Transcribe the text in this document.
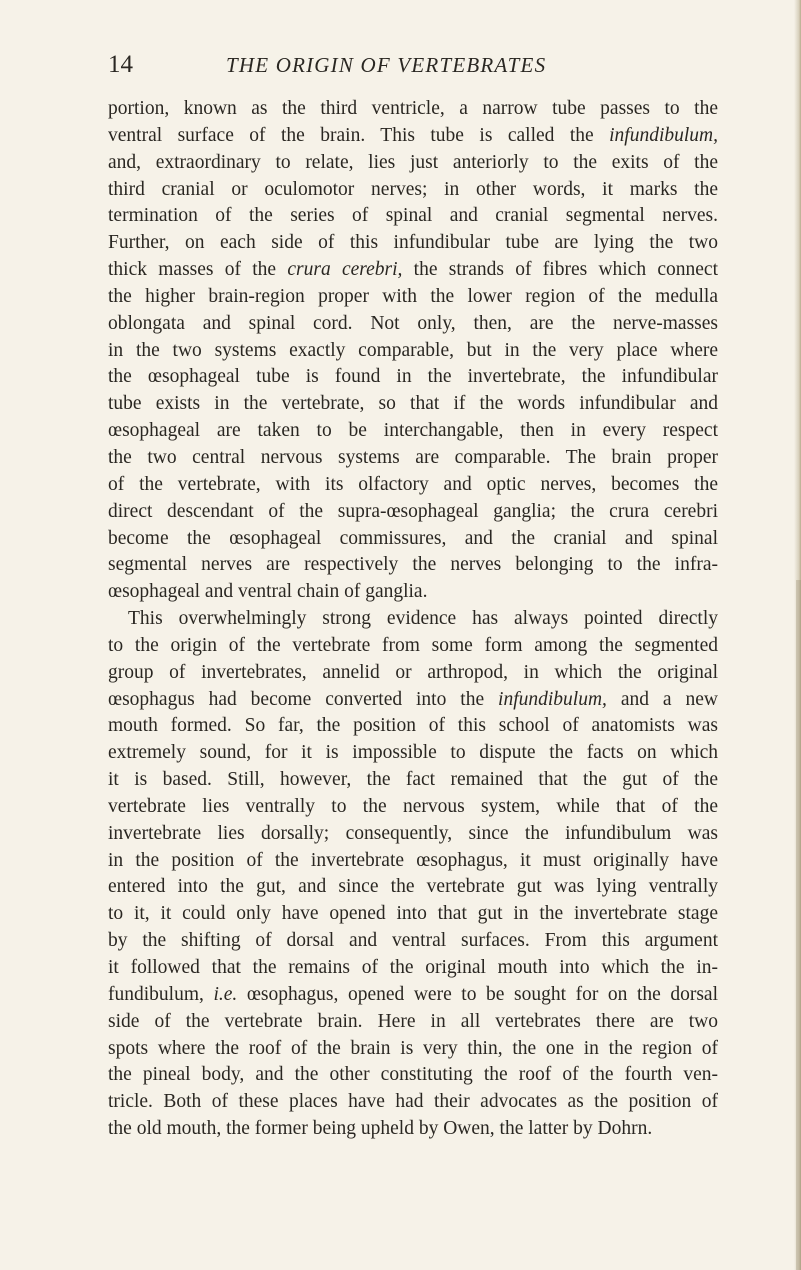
14	THE ORIGIN OF VERTEBRATES
portion, known as the third ventricle, a narrow tube passes to the
ventral surface of the brain. This tube is called the infundibulum,
and, extraordinary to relate, lies just anteriorly to the exits of the
third cranial or oculomotor nerves; in other words, it marks the
termination of the series of spinal and cranial segmental nerves.
Further, on each side of this infundibular tube are lying the two
thick masses of the crura cerebri, the strands of fibres which connect
the higher brain-region proper with the lower region of the medulla
oblongata and spinal cord. Not only, then, are the nerve-masses
in the two systems exactly comparable, but in the very place where
the œsophageal tube is found in the invertebrate, the infundibular
tube exists in the vertebrate, so that if the words infundibular and
œsophageal are taken to be interchangable, then in every respect
the two central nervous systems are comparable. The brain proper
of the vertebrate, with its olfactory and optic nerves, becomes the
direct descendant of the supra-œsophageal ganglia; the crura cerebri
become the œsophageal commissures, and the cranial and spinal
segmental nerves are respectively the nerves belonging to the infra-
œsophageal and ventral chain of ganglia.
This overwhelmingly strong evidence has always pointed directly
to the origin of the vertebrate from some form among the segmented
group of invertebrates, annelid or arthropod, in which the original
œsophagus had become converted into the infundibulum, and a new
mouth formed. So far, the position of this school of anatomists was
extremely sound, for it is impossible to dispute the facts on which
it is based. Still, however, the fact remained that the gut of the
vertebrate lies ventrally to the nervous system, while that of the
invertebrate lies dorsally; consequently, since the infundibulum was
in the position of the invertebrate œsophagus, it must originally have
entered into the gut, and since the vertebrate gut was lying ventrally
to it, it could only have opened into that gut in the invertebrate stage
by the shifting of dorsal and ventral surfaces. From this argument
it followed that the remains of the original mouth into which the in-
fundibulum, i.e. œsophagus, opened were to be sought for on the dorsal
side of the vertebrate brain. Here in all vertebrates there are two
spots where the roof of the brain is very thin, the one in the region of
the pineal body, and the other constituting the roof of the fourth ven-
tricle. Both of these places have had their advocates as the position of
the old mouth, the former being upheld by Owen, the latter by Dohrn.
